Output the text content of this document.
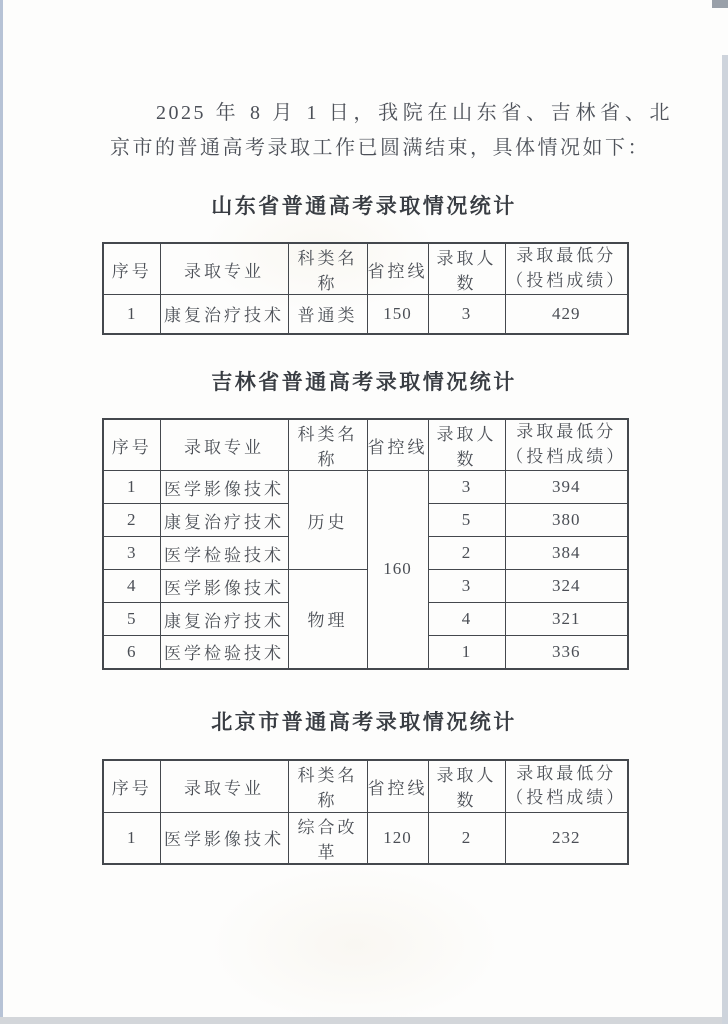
2025 年 8 月 1 日，我院在山东省、吉林省、北
京市的普通高考录取工作已圆满结束，具体情况如下：
山东省普通高考录取情况统计
序号	录取专业	科类名称	省控线	录取人数	录取最低分
（投档成绩）
1	康复治疗技术	普通类	150	3	429
吉林省普通高考录取情况统计
序号	录取专业	科类名称	省控线	录取人数	录取最低分
（投档成绩）
1	医学影像技术	历史	160	3	394
2	康复治疗技术			5	380
3	医学检验技术			2	384
4	医学影像技术	物理		3	324
5	康复治疗技术			4	321
6	医学检验技术			1	336
北京市普通高考录取情况统计
序号	录取专业	科类名称	省控线	录取人数	录取最低分
（投档成绩）
1	医学影像技术	综合改革	120	2	232
